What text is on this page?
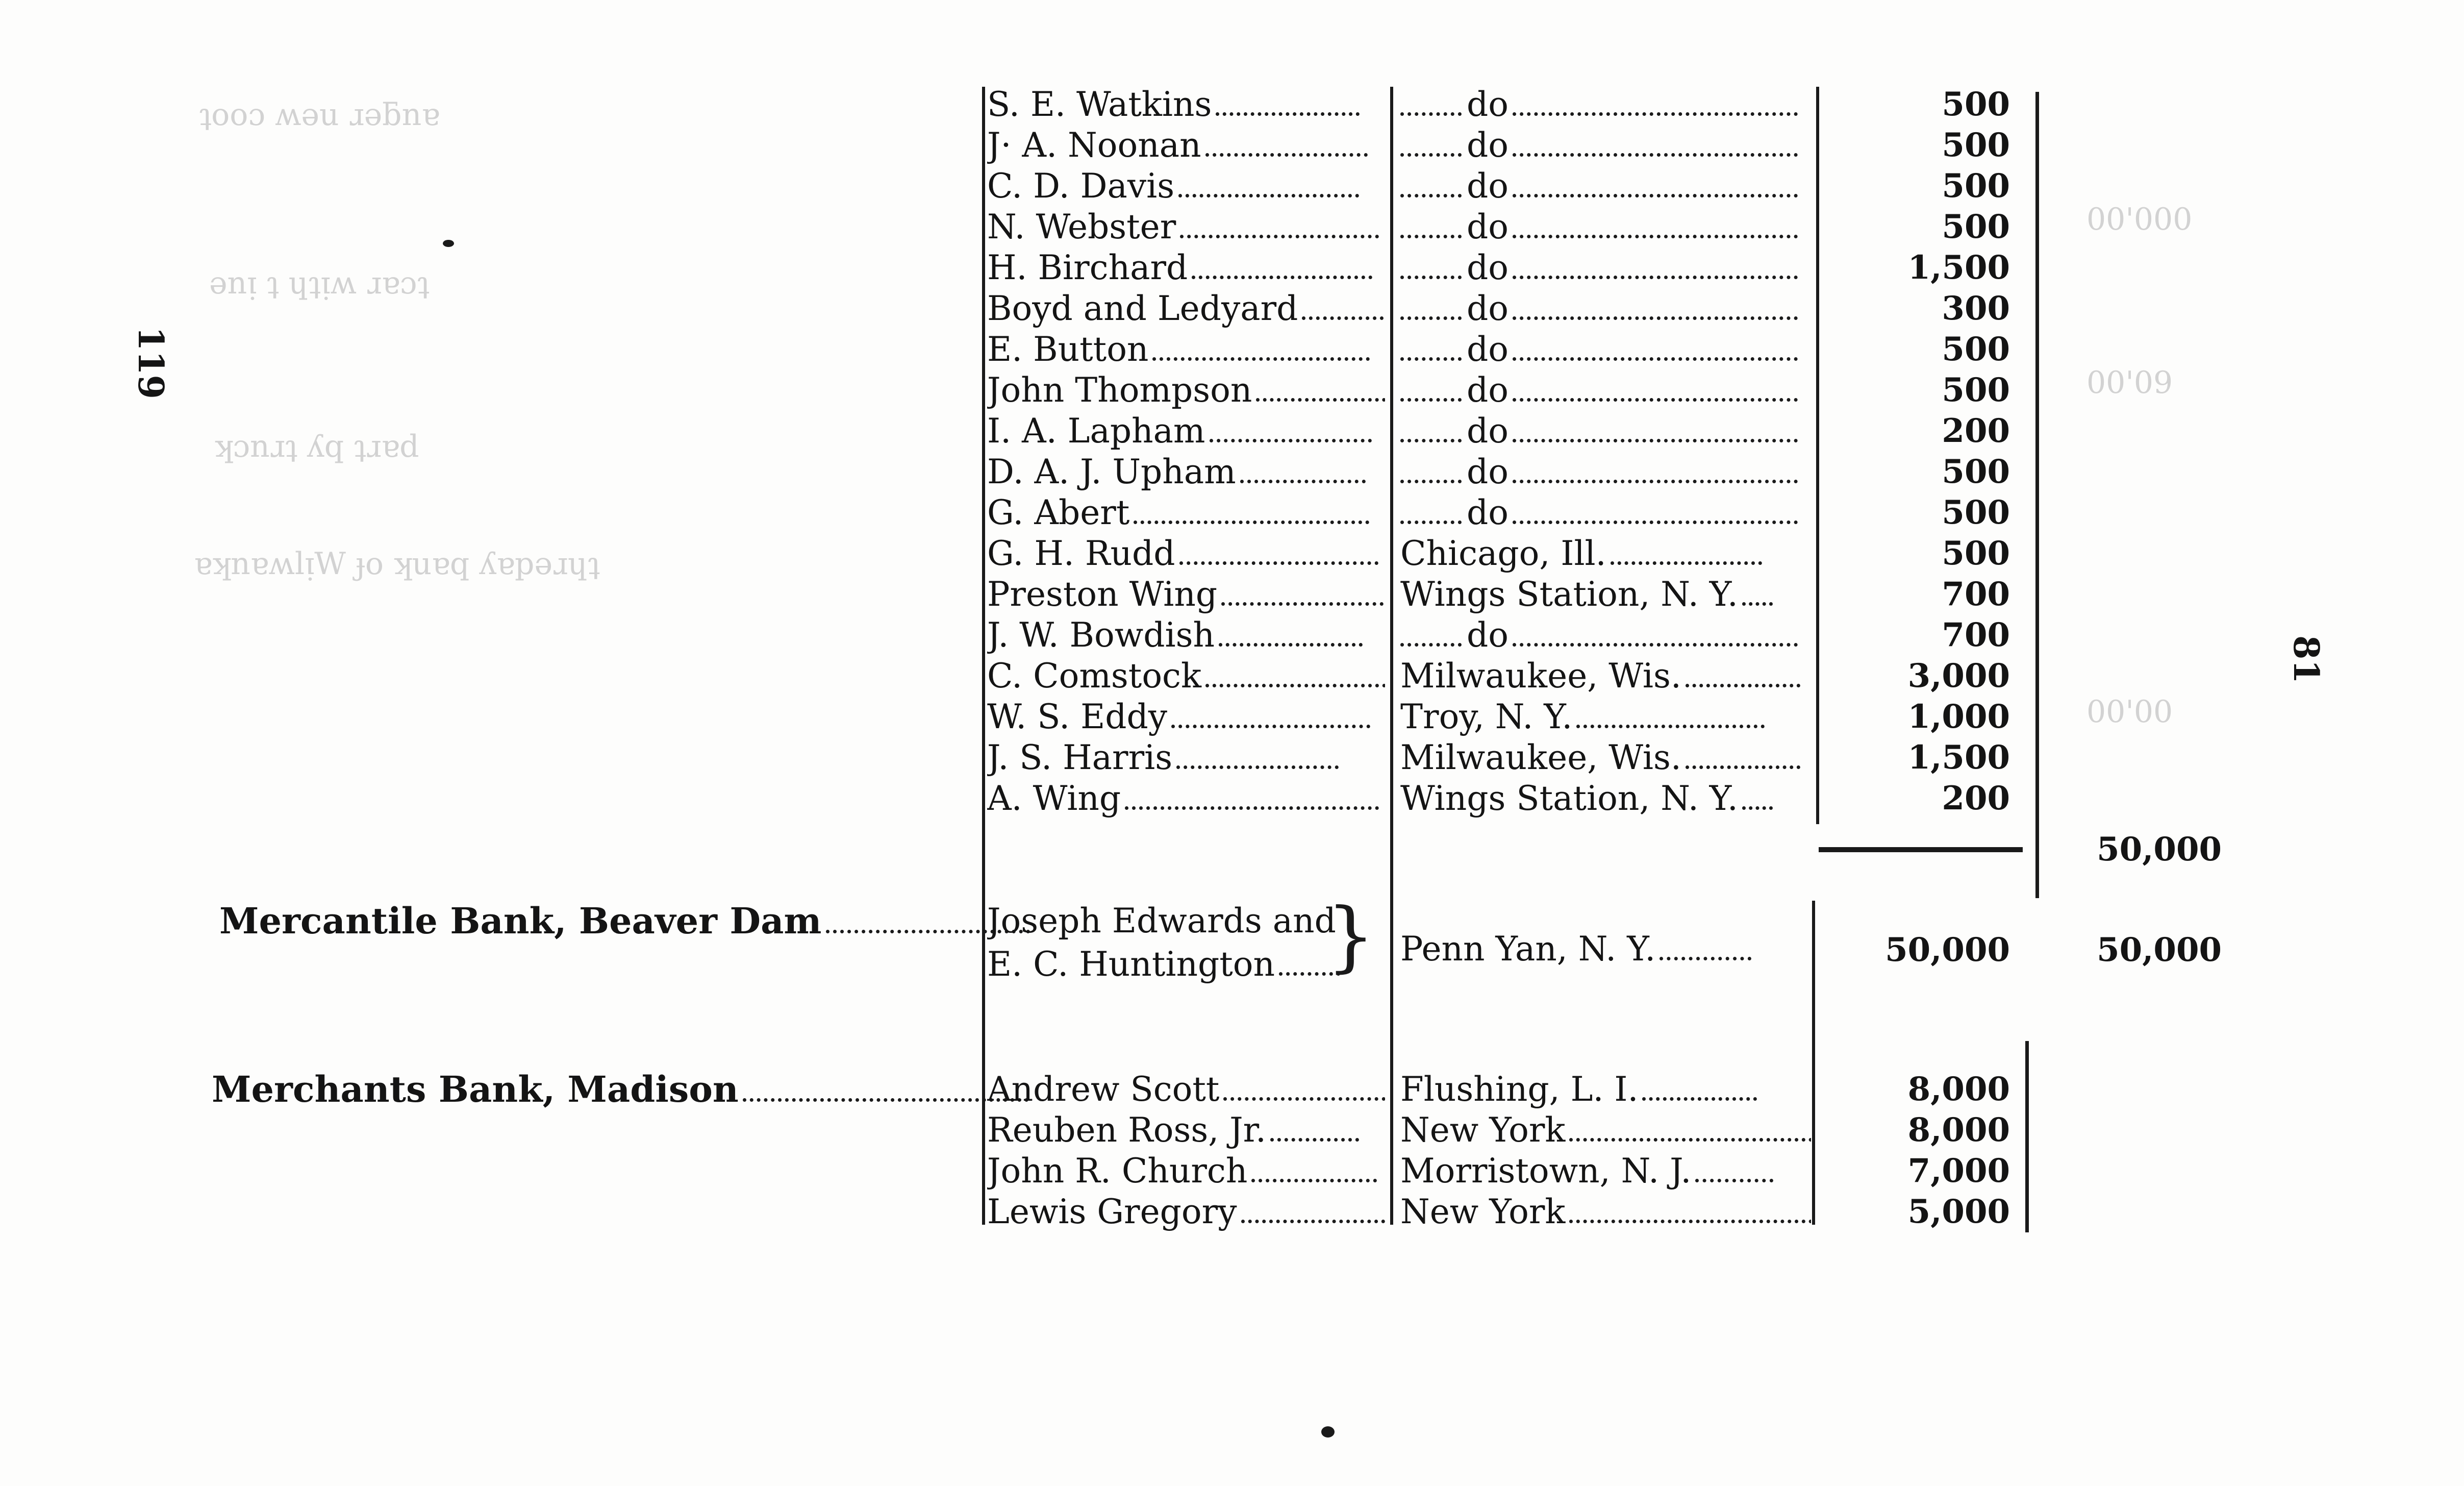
ʇooɔ ʍǝu ɹǝƃnɐ
ǝnᴉ ʇ ɥʇᴉʍ ɹɐɔʇ
ʞɔnɹʇ ʎq ʇɹɐd
ɐʞnɐʍlᴉW ɟo ʞuɐq ʎɐpǝɹɥʇ
00'000
00'09
00'00
119
81
S. E. Watkins	do	500
J· A. Noonan	do	500
C. D. Davis	do	500
N. Webster	do	500
H. Birchard	do	1,500
Boyd and Ledyard	do	300
E. Button	do	500
John Thompson	do	500
I. A. Lapham	do	200
D. A. J. Upham	do	500
G. Abert	do	500
G. H. Rudd	Chicago, Ill.	500
Preston Wing	Wings Station, N. Y.	700
J. W. Bowdish	do	700
C. Comstock	Milwaukee, Wis.	3,000
W. S. Eddy	Troy, N. Y.	1,000
J. S. Harris	Milwaukee, Wis.	1,500
A. Wing	Wings Station, N. Y.	200
50,000
Mercantile Bank, Beaver Dam	Joseph Edwards and
E. C. Huntington } Penn Yan, N. Y.	50,000	50,000
Merchants Bank, Madison	Andrew Scott	Flushing, L. I.	8,000
Reuben Ross, Jr.	New York	8,000
John R. Church	Morristown, N. J.	7,000
Lewis Gregory	New York	5,000
